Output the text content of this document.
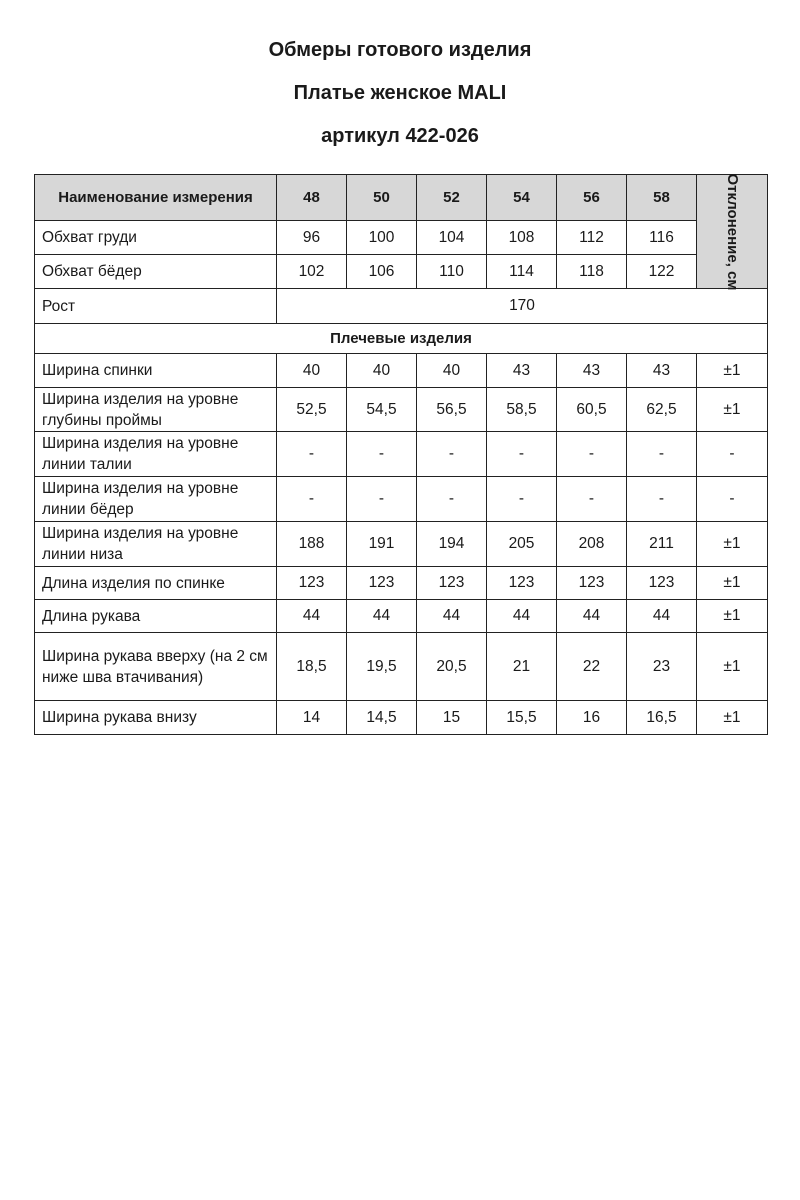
Обмеры готового изделия

Платье женское MALI

артикул 422-026

Наименование измерения	48	50	52	54	56	58	Отклонение, см

Обхват груди	96	100	104	108	112	116	
Обхват бёдер	102	106	110	114	118	122	
Рост	170						
Плечевые изделия							
Ширина спинки	40	40	40	43	43	43	±1
Ширина изделия на уровне глубины проймы	52,5	54,5	56,5	58,5	60,5	62,5	±1
Ширина изделия на уровне линии талии	-	-	-	-	-	-	-
Ширина изделия на уровне линии бёдер	-	-	-	-	-	-	-
Ширина изделия на уровне линии низа	188	191	194	205	208	211	±1
Длина изделия по спинке	123	123	123	123	123	123	±1
Длина рукава	44	44	44	44	44	44	±1
Ширина рукава вверху (на 2 см ниже шва втачивания)	18,5	19,5	20,5	21	22	23	±1
Ширина рукава внизу	14	14,5	15	15,5	16	16,5	±1
